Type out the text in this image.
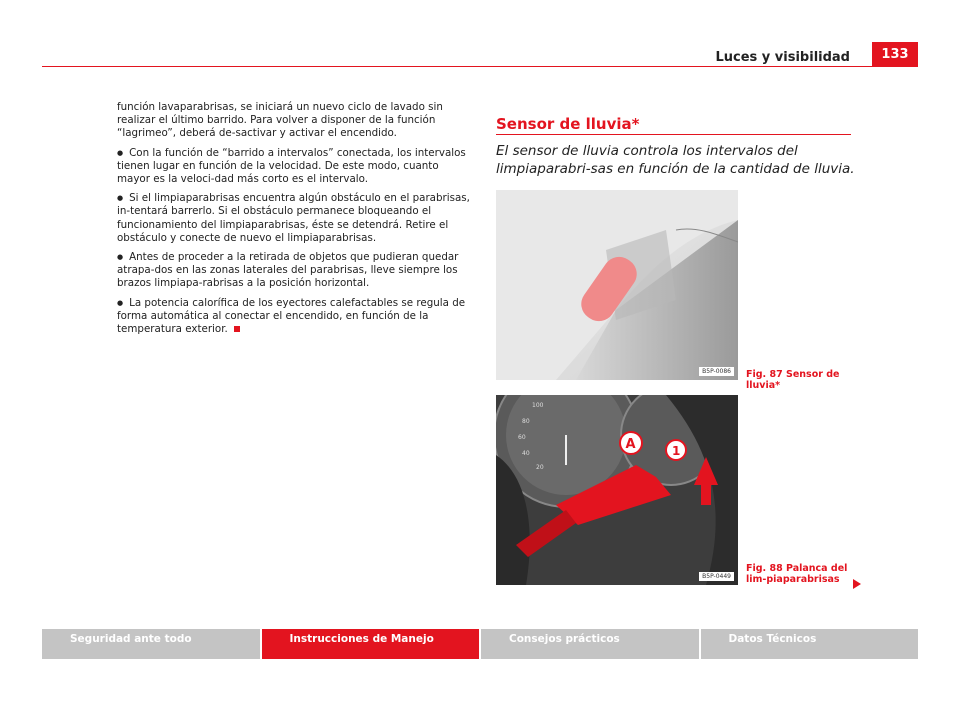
Luces y visibilidad	133

función lavaparabrisas, se iniciará un nuevo ciclo de lavado sin realizar el último barrido. Para volver a disponer de la función “lagrimeo”, deberá de-sactivar y activar el encendido.

● Con la función de “barrido a intervalos” conectada, los intervalos tienen lugar en función de la velocidad. De este modo, cuanto mayor es la veloci-dad más corto es el intervalo.

● Si el limpiaparabrisas encuentra algún obstáculo en el parabrisas, in-tentará barrerlo. Si el obstáculo permanece bloqueando el funcionamiento del limpiaparabrisas, éste se detendrá. Retire el obstáculo y conecte de nuevo el limpiaparabrisas.

● Antes de proceder a la retirada de objetos que pudieran quedar atrapa-dos en las zonas laterales del parabrisas, lleve siempre los brazos limpiapa-rabrisas a la posición horizontal.

● La potencia calorífica de los eyectores calefactables se regula de forma automática al conectar el encendido, en función de la temperatura exterior.

Sensor de lluvia*
El sensor de lluvia controla los intervalos del limpiaparabri-sas en función de la cantidad de lluvia.
B5P-0086	Fig. 87 Sensor de lluvia*
100
80
60
40
20
A	1
B5P-0449
Fig. 88 Palanca del lim-piaparabrisas
Seguridad ante todo	Instrucciones de Manejo	Consejos prácticos	Datos Técnicos
